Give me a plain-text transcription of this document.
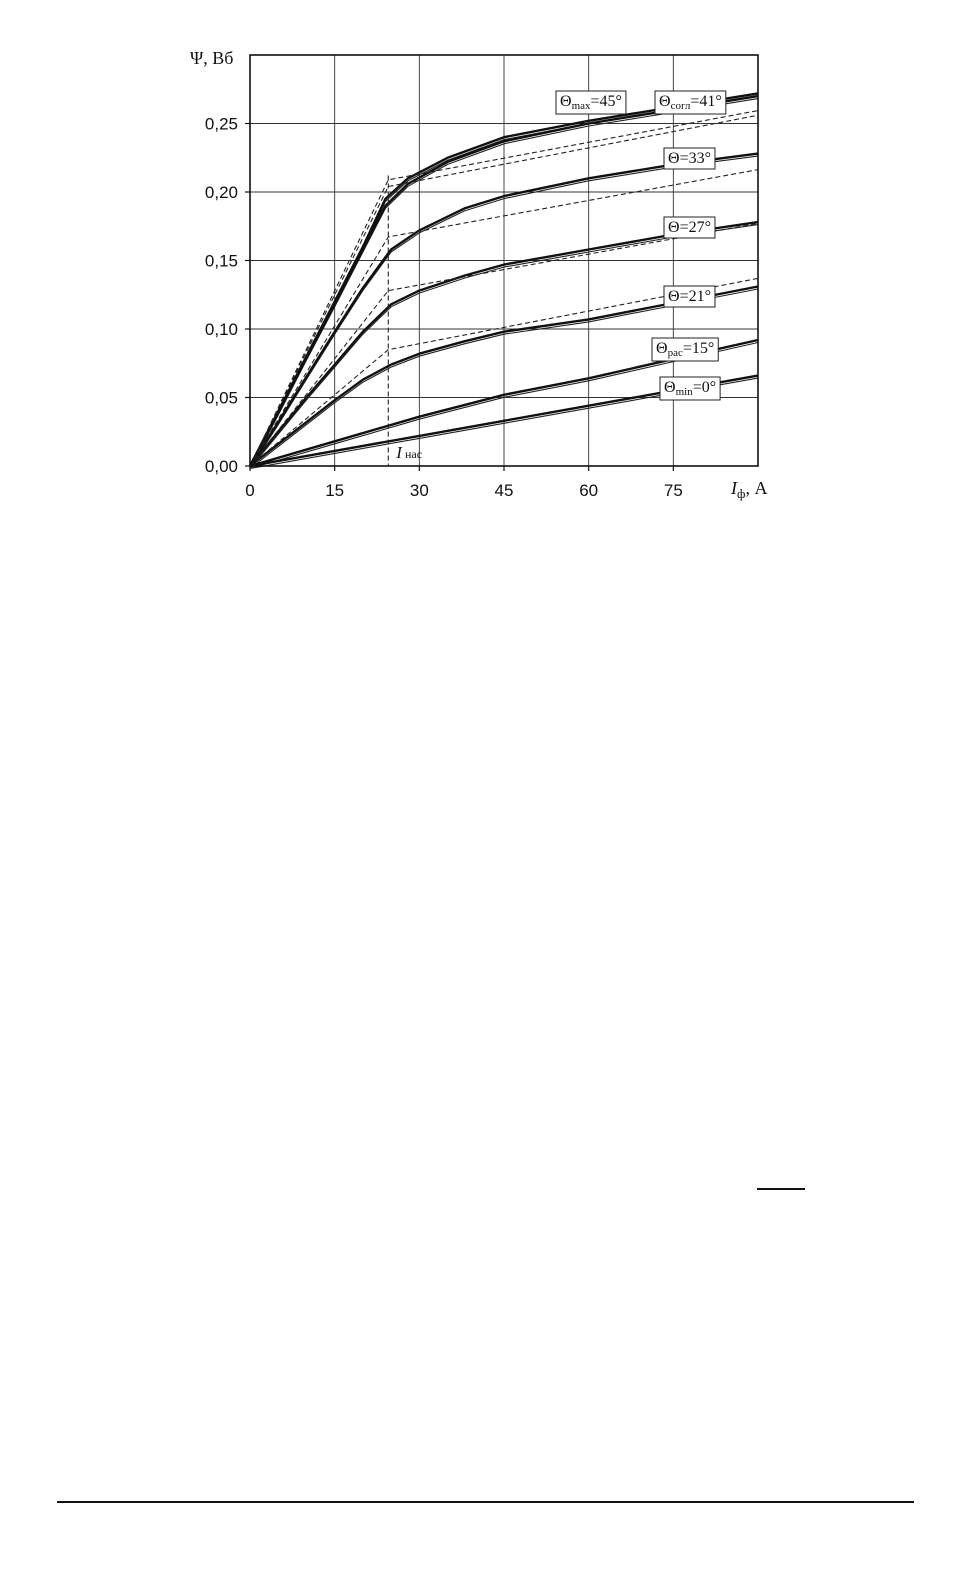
I нас
0	15	30	45	60	75
0,00
0,05
0,10
0,15
0,20
0,25
Θmax=45° Θсогл=41°
Θ=33°
Θ=27°
Θ=21°
Θрас=15°
Θmin=0°
Ψ, Вб
$I_ф$, А
